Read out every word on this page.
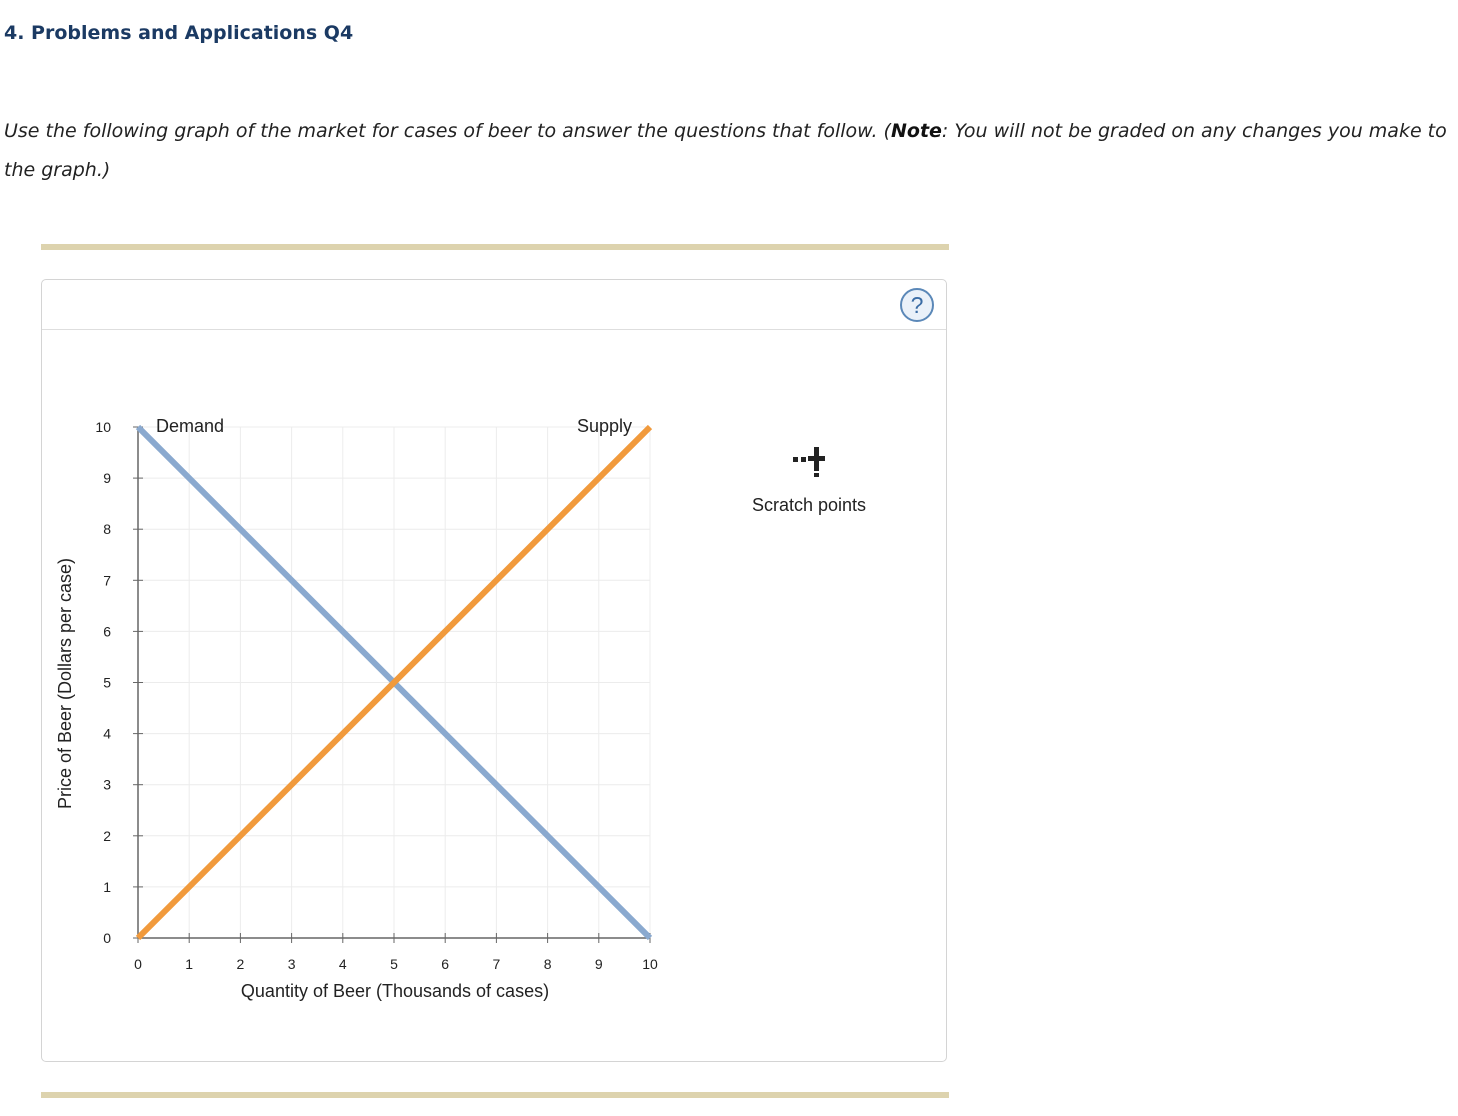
4. Problems and Applications Q4

Use the following graph of the market for cases of beer to answer the questions that follow. (Note: You will not be graded on any changes you make to the graph.)

?
0	1	2	3	4	5	6	7	8	9	10
0
1
2
3
4
5
6
7
8
9
10
Quantity of Beer (Thousands of cases)
Price of Beer (Dollars per case)
Demand	Supply
Scratch points
